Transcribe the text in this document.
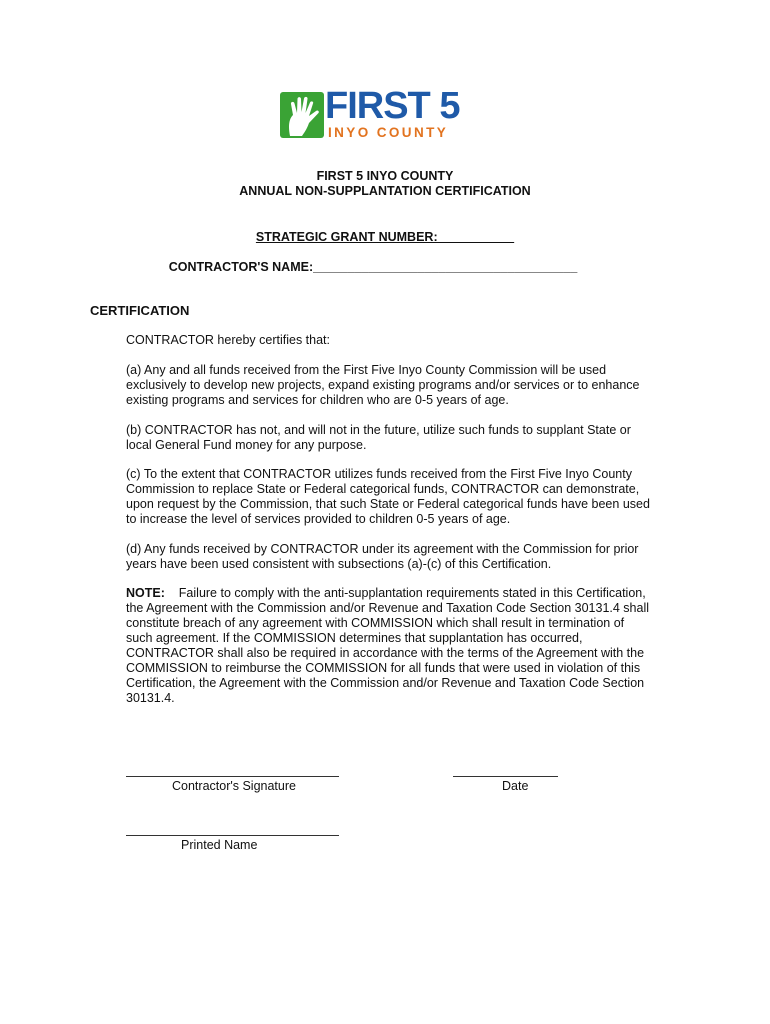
FIRST 5
INYO COUNTY
FIRST 5 INYO COUNTY
ANNUAL NON-SUPPLANTATION CERTIFICATION
STRATEGIC GRANT NUMBER:___________
CONTRACTOR'S NAME:______________________________________
CERTIFICATION
CONTRACTOR hereby certifies that:
(a) Any and all funds received from the First Five Inyo County Commission will be used exclusively to develop new projects, expand existing programs and/or services or to enhance existing programs and services for children who are 0-5 years of age.
(b) CONTRACTOR has not, and will not in the future, utilize such funds to supplant State or local General Fund money for any purpose.
(c) To the extent that CONTRACTOR utilizes funds received from the First Five Inyo County Commission to replace State or Federal categorical funds, CONTRACTOR can demonstrate, upon request by the Commission, that such State or Federal categorical funds have been used to increase the level of services provided to children 0-5 years of age.
(d) Any funds received by CONTRACTOR under its agreement with the Commission for prior years have been used consistent with subsections (a)-(c) of this Certification.
NOTE: Failure to comply with the anti-supplantation requirements stated in this Certification, the Agreement with the Commission and/or Revenue and Taxation Code Section 30131.4 shall constitute breach of any agreement with COMMISSION which shall result in termination of such agreement. If the COMMISSION determines that supplantation has occurred, CONTRACTOR shall also be required in accordance with the terms of the Agreement with the COMMISSION to reimburse the COMMISSION for all funds that were used in violation of this Certification, the Agreement with the Commission and/or Revenue and Taxation Code Section 30131.4.
Contractor's Signature	Date
Printed Name
